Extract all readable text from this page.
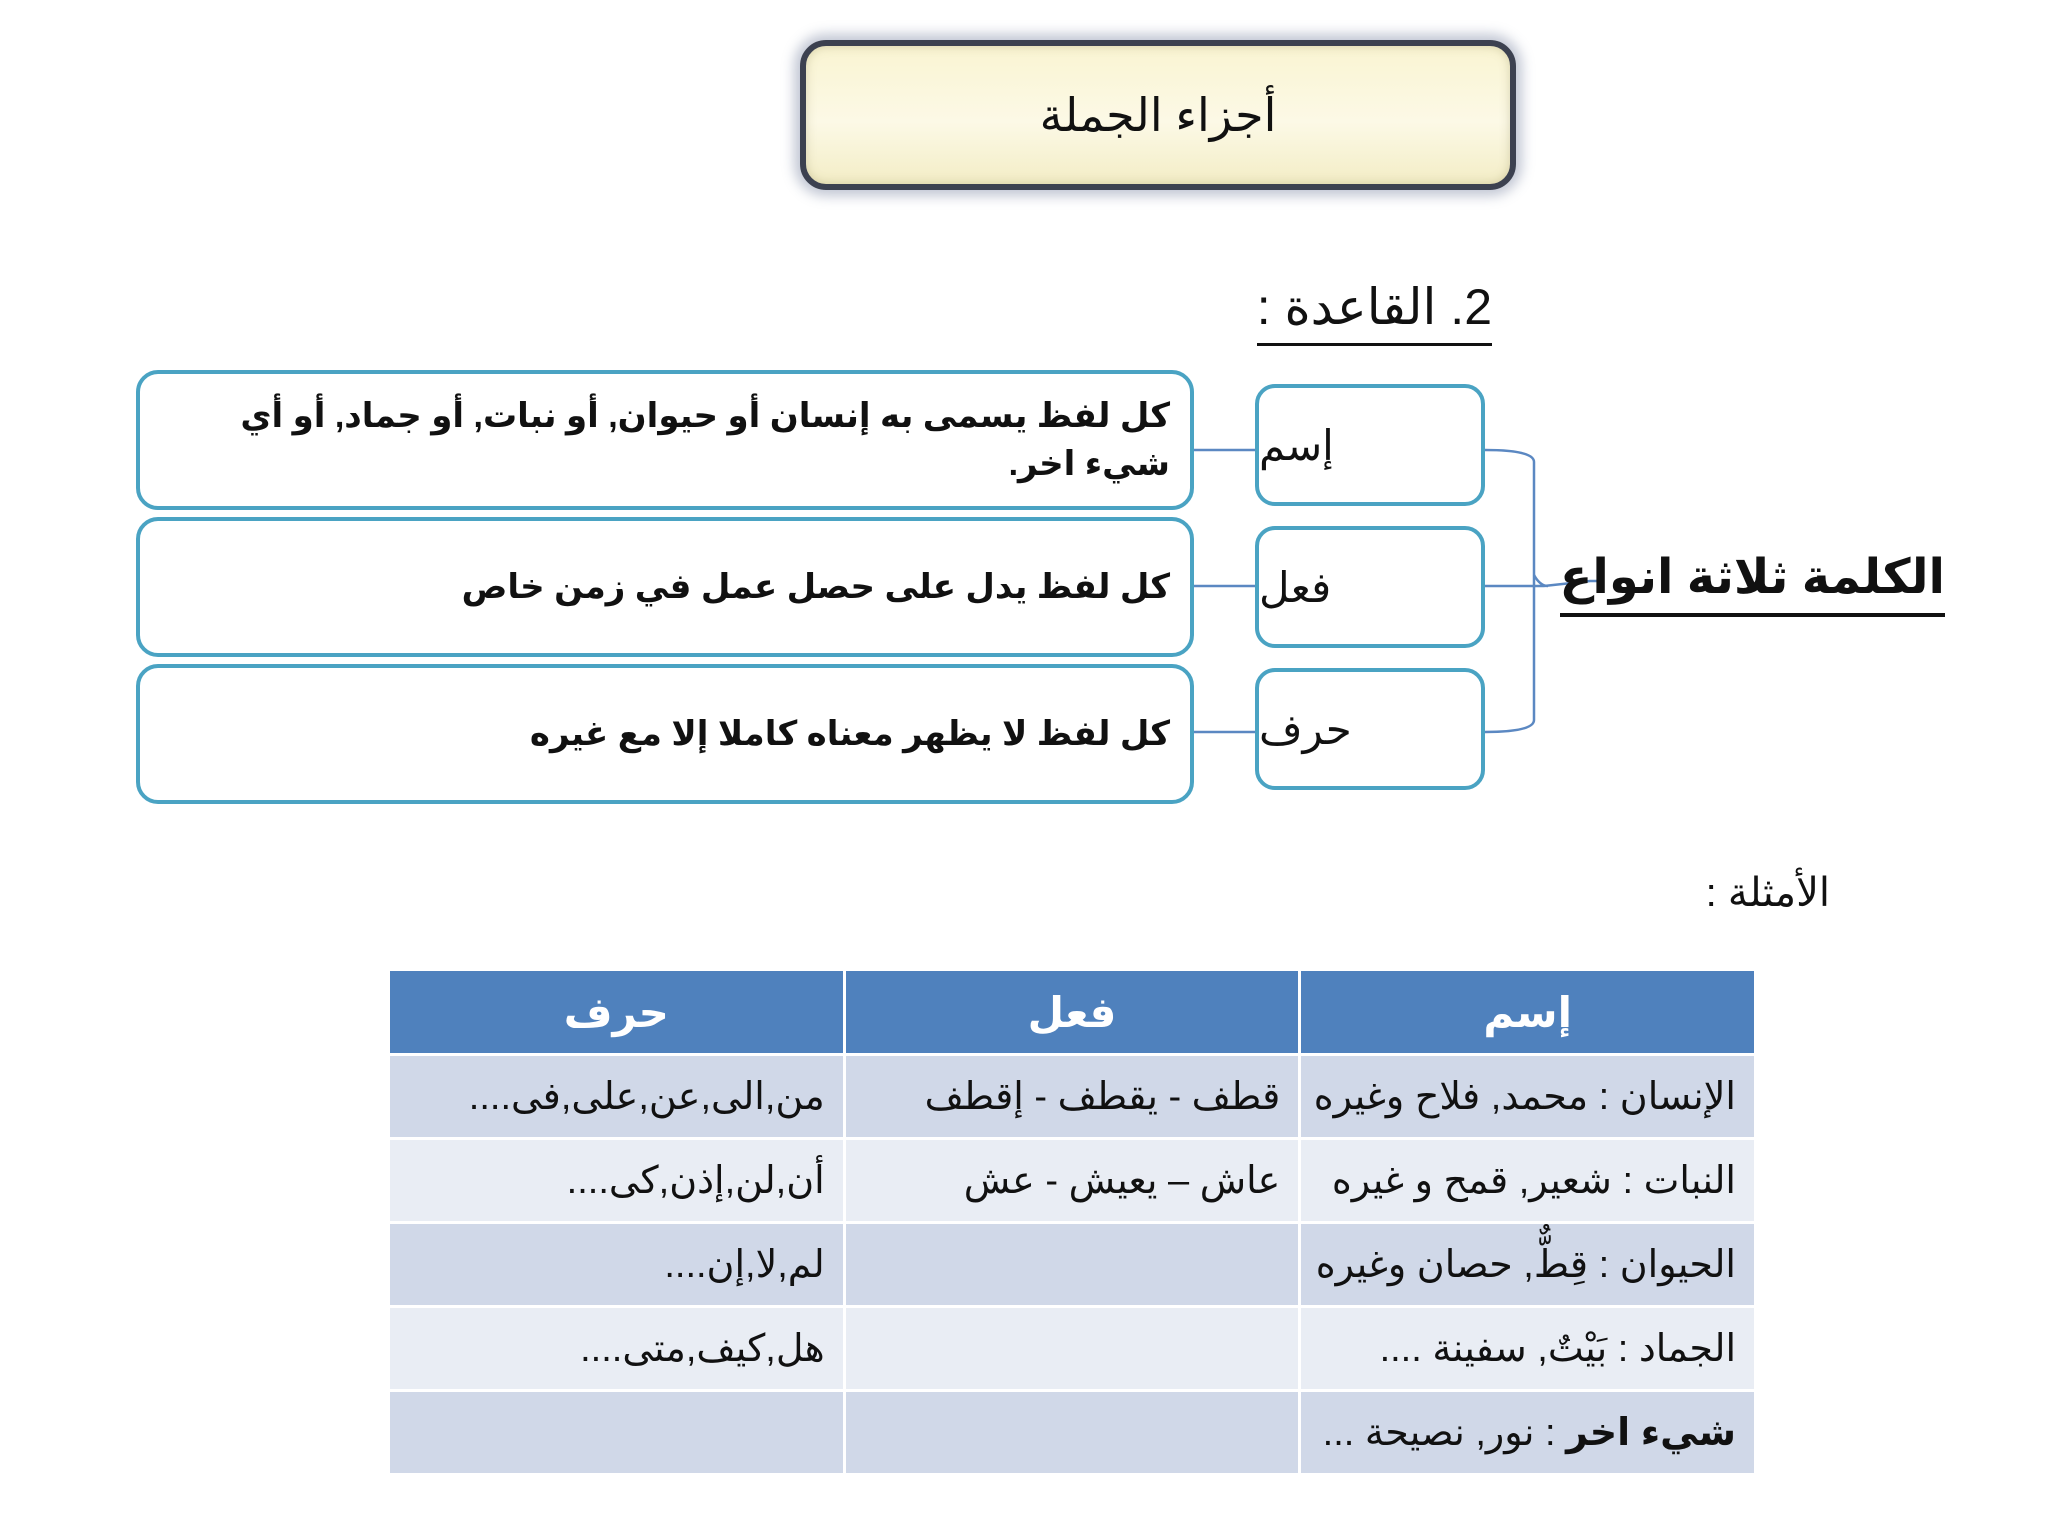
أجزاء الجملة
2. القاعدة :
إسم
فعل
حرف
كل لفظ يسمى به إنسان أو حيوان, أو نبات, أو جماد, أو أي شيء اخر.
كل لفظ يدل على حصل عمل في زمن خاص
كل لفظ لا يظهر معناه كاملا إلا مع غيره
الكلمة ثلاثة انواع
الأمثلة :
إسم	فعل	حرف
الإنسان : محمد, فلاح وغيره	قطف - يقطف - إقطف	من,الى,عن,على,فى....
النبات : شعير, قمح و غيره	عاش – يعيش - عش	أن,لن,إذن,كى....
الحيوان : قِطٌّ, حصان وغيره		لم,لا,إن....
الجماد : بَيْتٌ, سفينة ....		هل,كيف,متى....
شيء اخر : نور, نصيحة ...		
